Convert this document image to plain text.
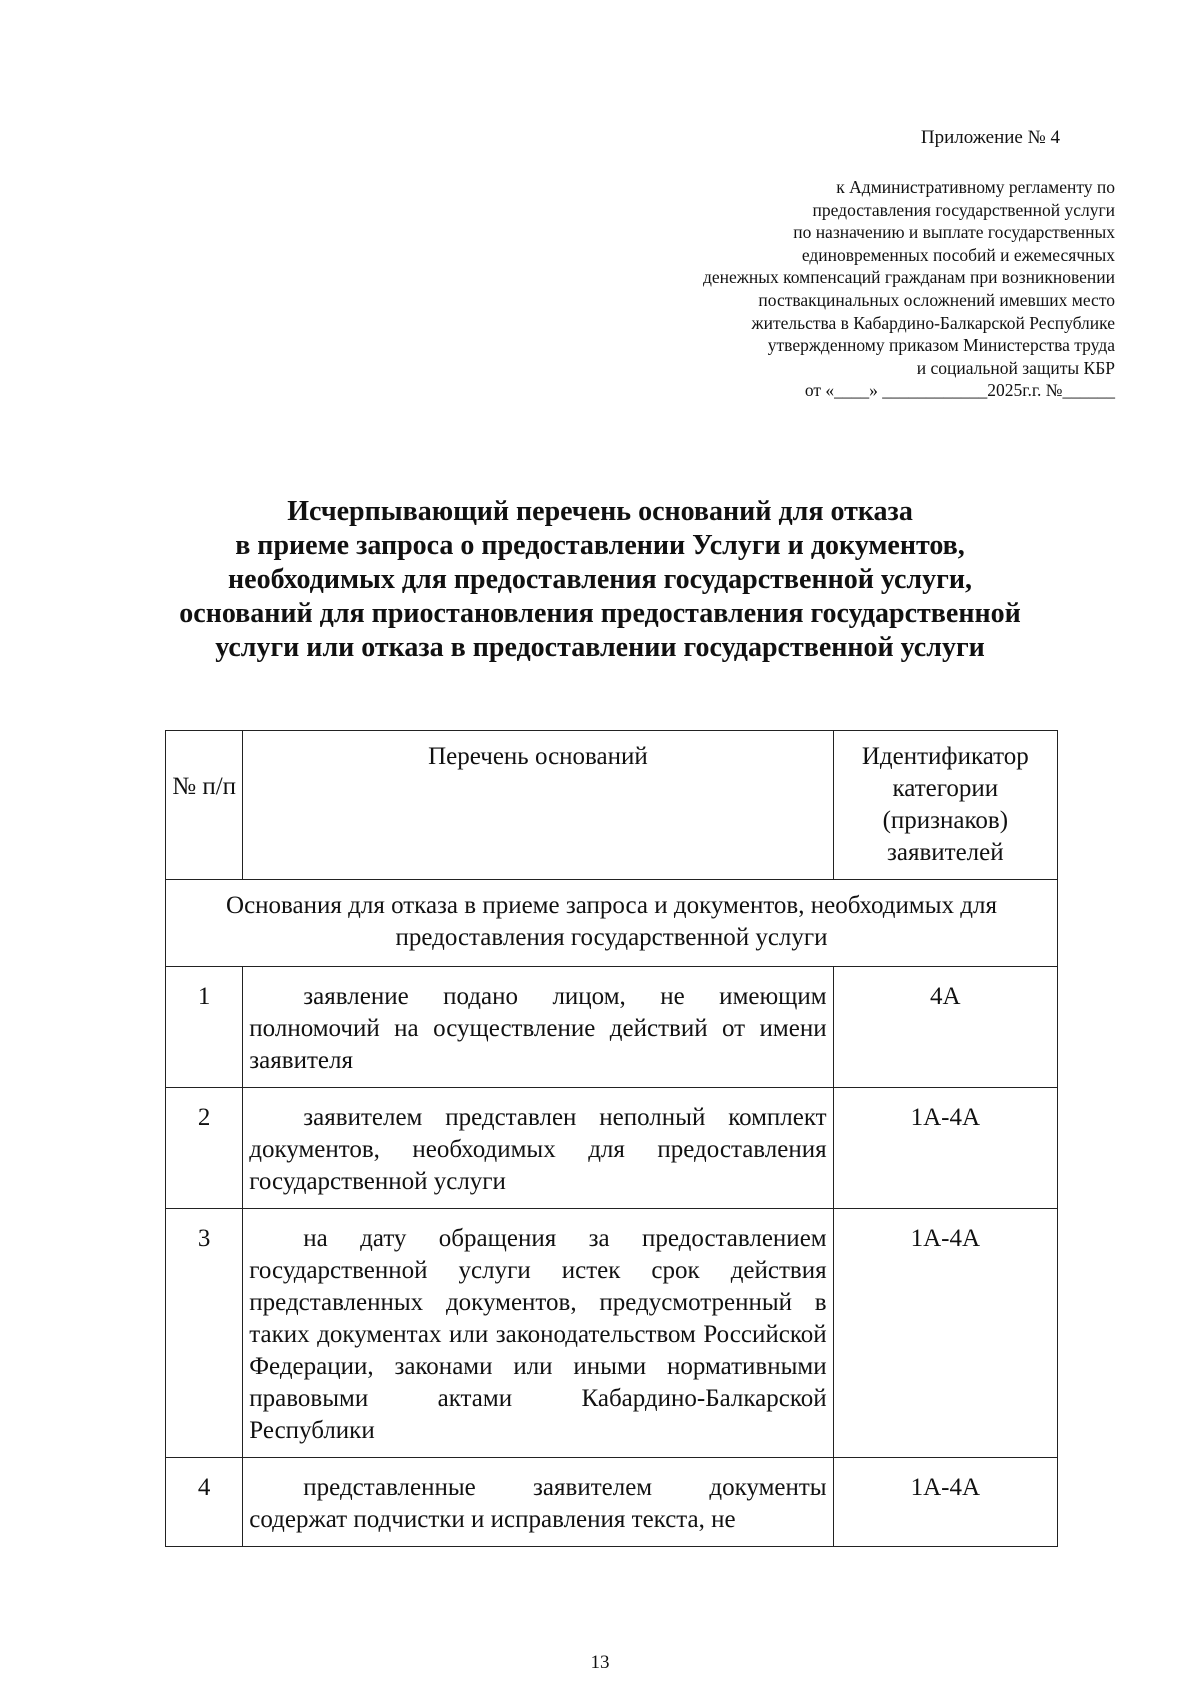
Приложение № 4
к Административному регламенту по
предоставления государственной услуги
по назначению и выплате государственных
единовременных пособий и ежемесячных
денежных компенсаций гражданам при возникновении
поствакцинальных осложнений имевших место
жительства в Кабардино-Балкарской Республике
утвержденному приказом Министерства труда
и социальной защиты КБР
от «____» ____________2025г.г. №______
Исчерпывающий перечень оснований для отказа
в приеме запроса о предоставлении Услуги и документов,
необходимых для предоставления государственной услуги,
оснований для приостановления предоставления государственной
услуги или отказа в предоставлении государственной услуги
№ п/п	Перечень оснований	Идентификатор категории (признаков) заявителей
Основания для отказа в приеме запроса и документов, необходимых для предоставления государственной услуги		
1	заявление подано лицом, не имеющим полномочий на осуществление действий от имени заявителя	4А
2	заявителем представлен неполный комплект документов, необходимых для предоставления государственной услуги	1А-4А
3	на дату обращения за предоставлением государственной услуги истек срок действия представленных документов, предусмотренный в таких документах или законодательством Российской Федерации, законами или иными нормативными правовыми актами Кабардино-Балкарской Республики	1А-4А
4	представленные заявителем документы содержат подчистки и исправления текста, не	1А-4А
13
